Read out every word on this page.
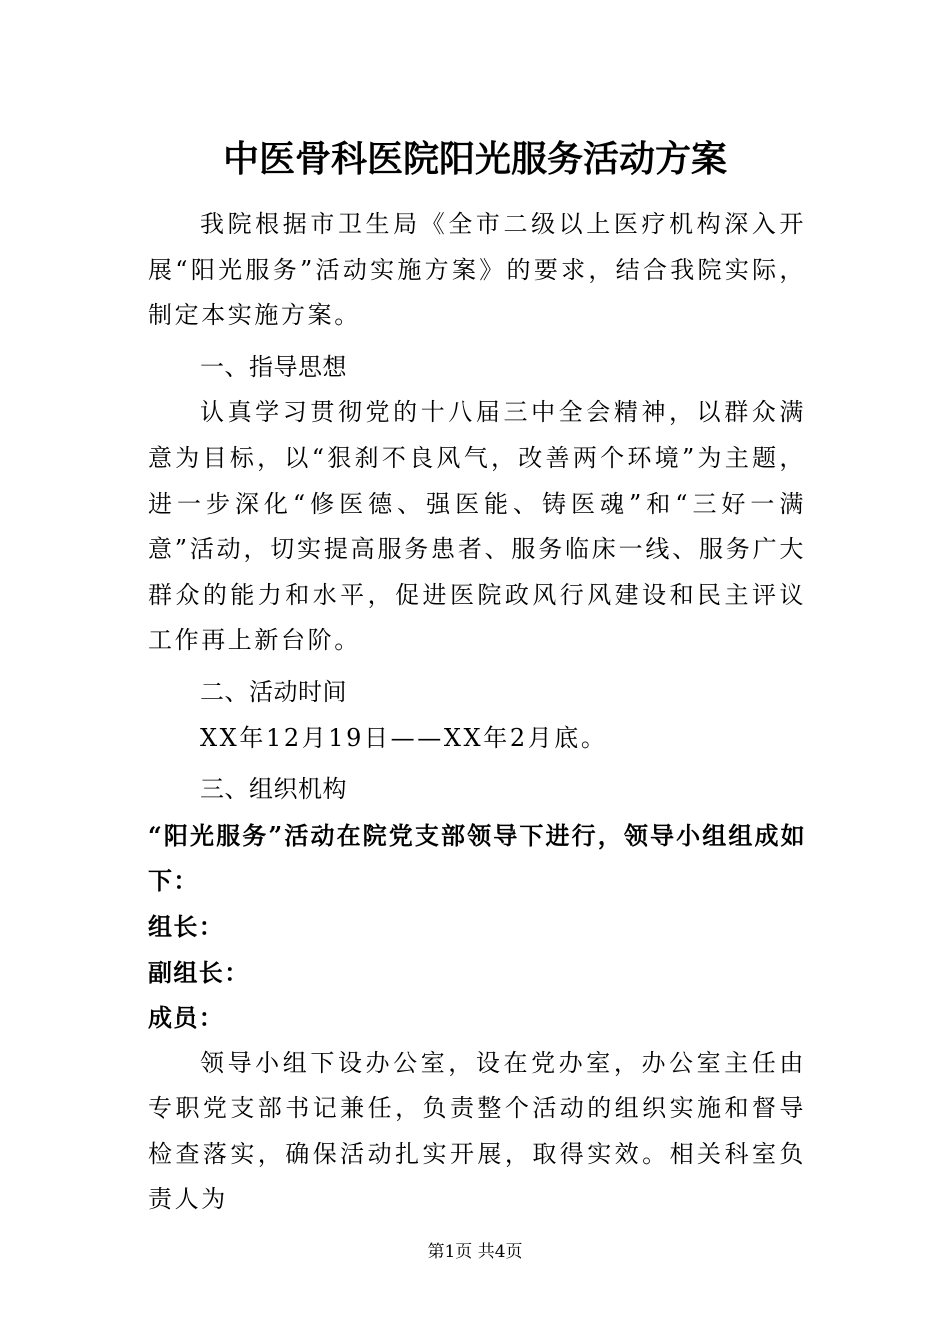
中医骨科医院阳光服务活动方案

我院根据市卫生局《全市二级以上医疗机构深入开展“阳光服务”活动实施方案》的要求，结合我院实际，制定本实施方案。

一、指导思想

认真学习贯彻党的十八届三中全会精神，以群众满意为目标，以“狠刹不良风气，改善两个环境”为主题，进一步深化“修医德、强医能、铸医魂”和“三好一满意”活动，切实提高服务患者、服务临床一线、服务广大群众的能力和水平，促进医院政风行风建设和民主评议工作再上新台阶。

二、活动时间

XX年12月19日——XX年2月底。

三、组织机构

“阳光服务”活动在院党支部领导下进行，领导小组组成如下：

组长：

副组长：

成员：

领导小组下设办公室，设在党办室，办公室主任由专职党支部书记兼任，负责整个活动的组织实施和督导检查落实，确保活动扎实开展，取得实效。相关科室负责人为

第1页 共4页
